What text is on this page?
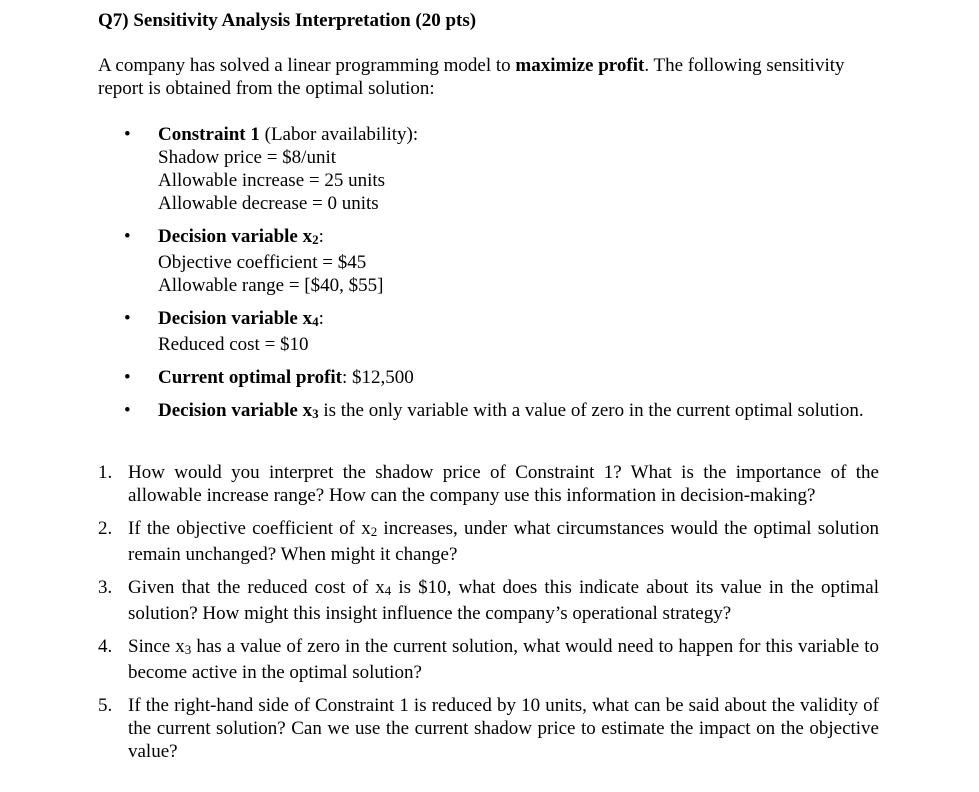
Q7) Sensitivity Analysis Interpretation (20 pts)
A company has solved a linear programming model to maximize profit. The following sensitivity report is obtained from the optimal solution:
• Constraint 1 (Labor availability):
Shadow price = $8/unit
Allowable increase = 25 units
Allowable decrease = 0 units
• Decision variable x2:
Objective coefficient = $45
Allowable range = [$40, $55]
• Decision variable x4:
Reduced cost = $10
• Current optimal profit: $12,500
• Decision variable x3 is the only variable with a value of zero in the current optimal solution.
1. How would you interpret the shadow price of Constraint 1? What is the importance of the allowable increase range? How can the company use this information in decision-making?
2. If the objective coefficient of x2 increases, under what circumstances would the optimal solution remain unchanged? When might it change?
3. Given that the reduced cost of x4 is $10, what does this indicate about its value in the optimal solution? How might this insight influence the company’s operational strategy?
4. Since x3 has a value of zero in the current solution, what would need to happen for this variable to become active in the optimal solution?
5. If the right-hand side of Constraint 1 is reduced by 10 units, what can be said about the validity of the current solution? Can we use the current shadow price to estimate the impact on the objective value?
